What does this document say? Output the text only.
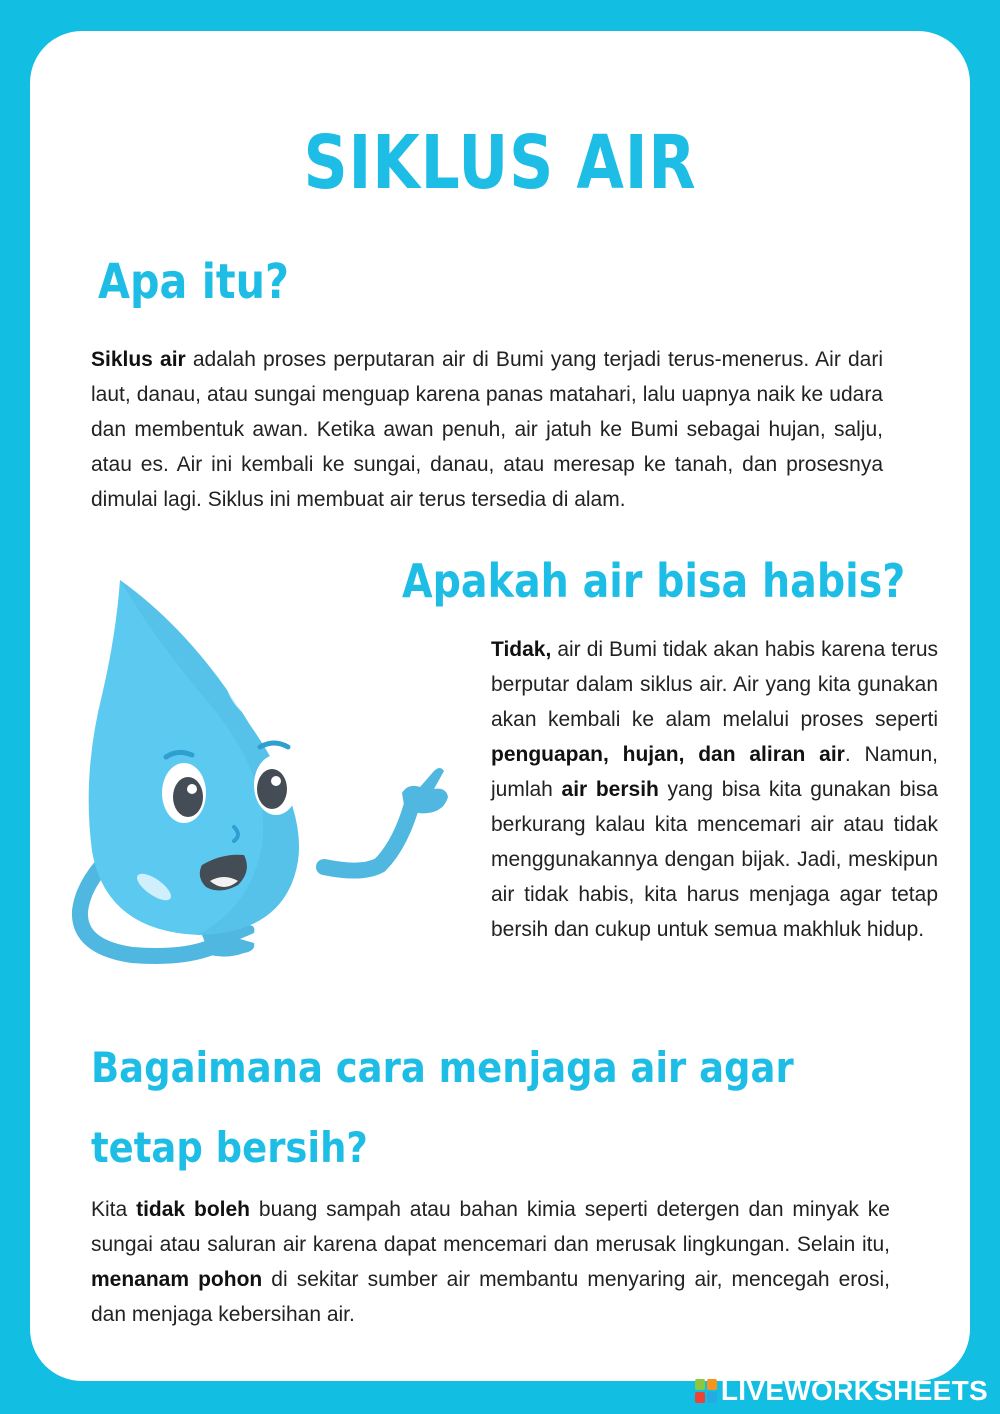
SIKLUS AIR
Apa itu?

Siklus air adalah proses perputaran air di Bumi yang terjadi terus-menerus. Air dari laut, danau, atau sungai menguap karena panas matahari, lalu uapnya naik ke udara dan membentuk awan. Ketika awan penuh, air jatuh ke Bumi sebagai hujan, salju, atau es. Air ini kembali ke sungai, danau, atau meresap ke tanah, dan prosesnya dimulai lagi. Siklus ini membuat air terus tersedia di alam.

Apakah air bisa habis?

Tidak, air di Bumi tidak akan habis karena terus berputar dalam siklus air. Air yang kita gunakan akan kembali ke alam melalui proses seperti penguapan, hujan, dan aliran air. Namun, jumlah air bersih yang bisa kita gunakan bisa berkurang kalau kita mencemari air atau tidak menggunakannya dengan bijak. Jadi, meskipun air tidak habis, kita harus menjaga agar tetap bersih dan cukup untuk semua makhluk hidup.

Bagaimana cara menjaga air agar
tetap bersih?

Kita tidak boleh buang sampah atau bahan kimia seperti detergen dan minyak ke sungai atau saluran air karena dapat mencemari dan merusak lingkungan. Selain itu, menanam pohon di sekitar sumber air membantu menyaring air, mencegah erosi, dan menjaga kebersihan air.

LIVEWORKSHEETS
